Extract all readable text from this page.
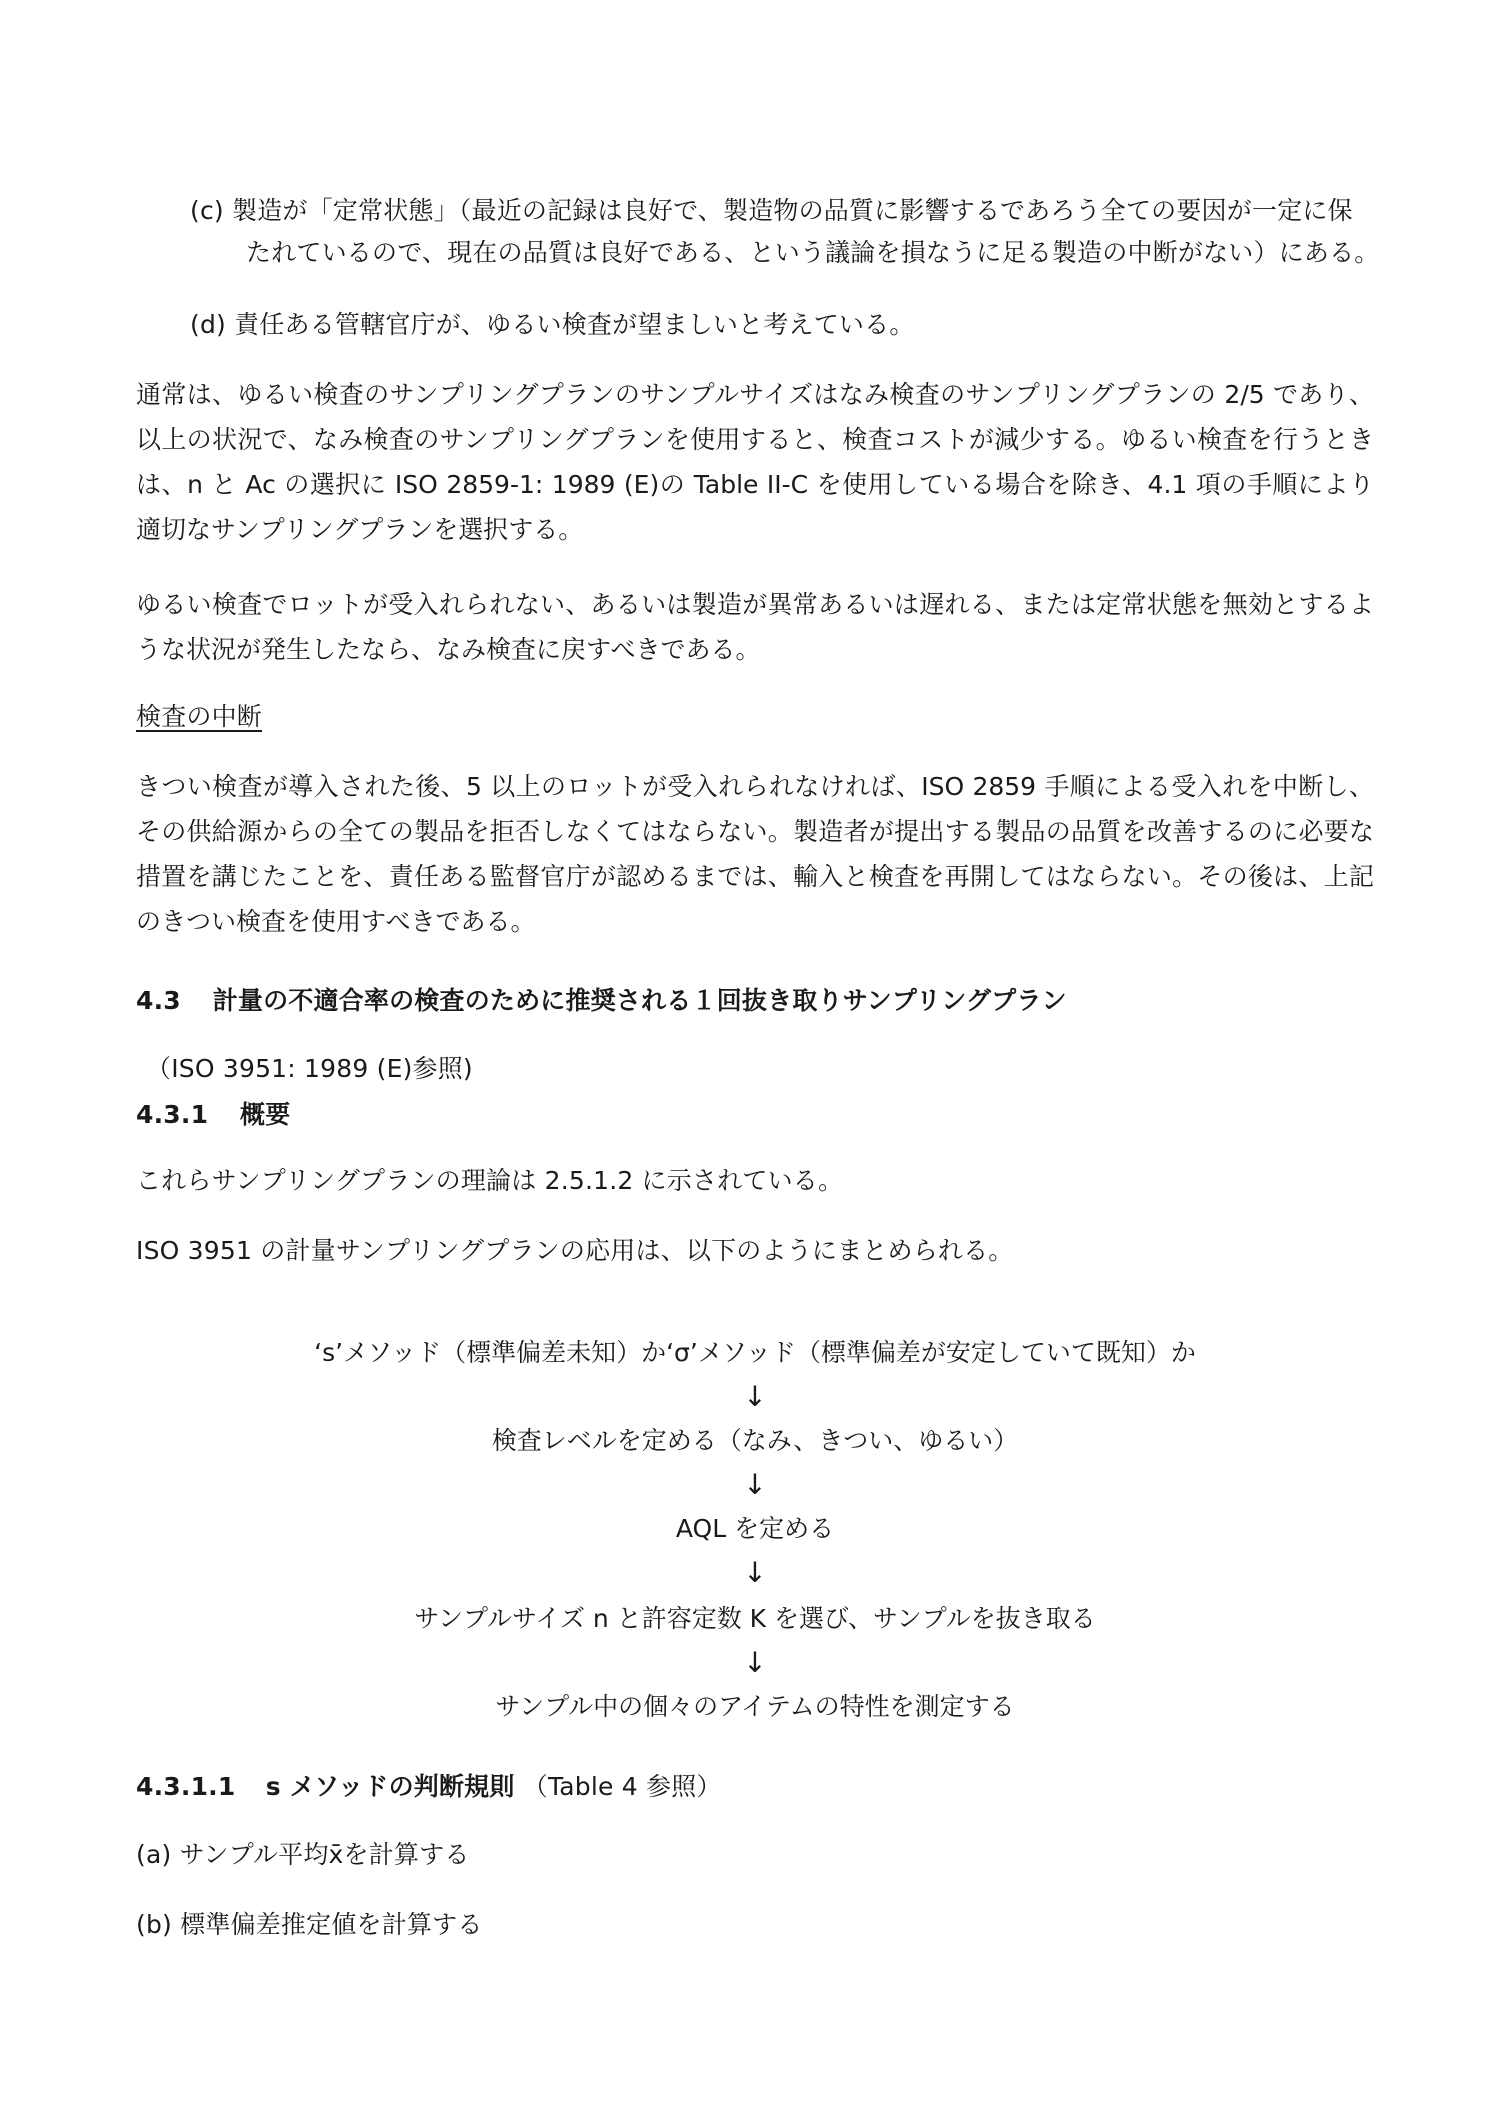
(c) 製造が「定常状態」（最近の記録は良好で、製造物の品質に影響するであろう全ての要因が一定に保
たれているので、現在の品質は良好である、という議論を損なうに足る製造の中断がない）にある。
(d) 責任ある管轄官庁が、ゆるい検査が望ましいと考えている。
通常は、ゆるい検査のサンプリングプランのサンプルサイズはなみ検査のサンプリングプランの 2/5 であり、以上の状況で、なみ検査のサンプリングプランを使用すると、検査コストが減少する。ゆるい検査を行うときは、n と Ac の選択に ISO 2859-1: 1989 (E)の Table II-C を使用している場合を除き、4.1 項の手順により適切なサンプリングプランを選択する。
ゆるい検査でロットが受入れられない、あるいは製造が異常あるいは遅れる、または定常状態を無効とするような状況が発生したなら、なみ検査に戻すべきである。
検査の中断
きつい検査が導入された後、5 以上のロットが受入れられなければ、ISO 2859 手順による受入れを中断し、その供給源からの全ての製品を拒否しなくてはならない。製造者が提出する製品の品質を改善するのに必要な措置を講じたことを、責任ある監督官庁が認めるまでは、輸入と検査を再開してはならない。その後は、上記のきつい検査を使用すべきである。
4.3 計量の不適合率の検査のために推奨される１回抜き取りサンプリングプラン
（ISO 3951: 1989 (E)参照)
4.3.1 概要
これらサンプリングプランの理論は 2.5.1.2 に示されている。
ISO 3951 の計量サンプリングプランの応用は、以下のようにまとめられる。
‘s’メソッド（標準偏差未知）か‘σ’メソッド（標準偏差が安定していて既知）か
↓
検査レベルを定める（なみ、きつい、ゆるい）
↓
AQL を定める
↓
サンプルサイズ n と許容定数 K を選び、サンプルを抜き取る
↓
サンプル中の個々のアイテムの特性を測定する
4.3.1.1 s メソッドの判断規則 （Table 4 参照）
(a) サンプル平均x̄を計算する
(b) 標準偏差推定値を計算する
